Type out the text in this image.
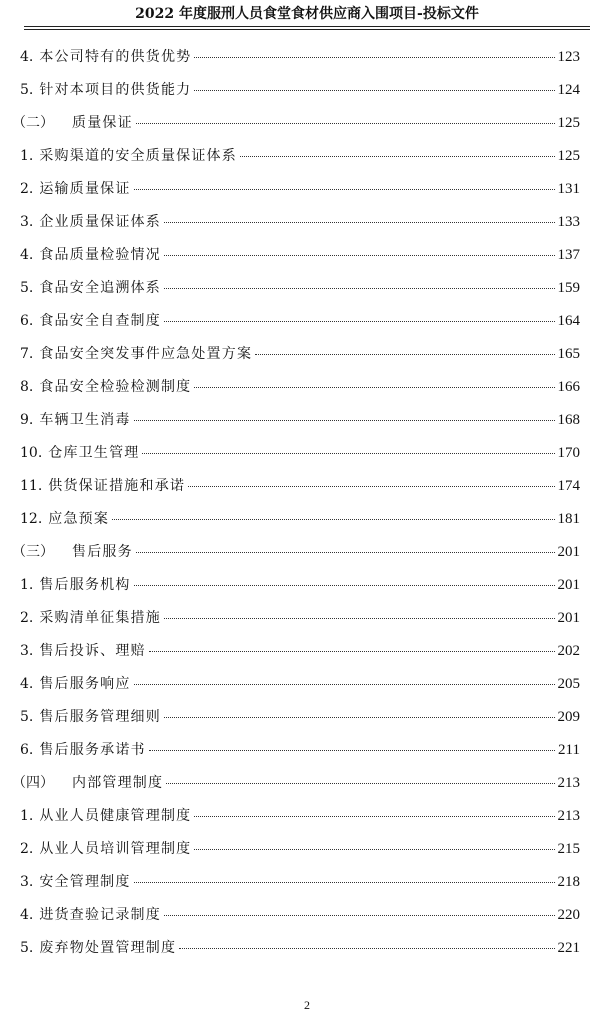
2022 年度服刑人员食堂食材供应商入围项目-投标文件
4. 本公司特有的供货优势	123
5. 针对本项目的供货能力	124
（二） 质量保证	125
1. 采购渠道的安全质量保证体系	125
2. 运输质量保证	131
3. 企业质量保证体系	133
4. 食品质量检验情况	137
5. 食品安全追溯体系	159
6. 食品安全自查制度	164
7. 食品安全突发事件应急处置方案	165
8. 食品安全检验检测制度	166
9. 车辆卫生消毒	168
10. 仓库卫生管理	170
11. 供货保证措施和承诺	174
12. 应急预案	181
（三） 售后服务	201
1. 售后服务机构	201
2. 采购清单征集措施	201
3. 售后投诉、理赔	202
4. 售后服务响应	205
5. 售后服务管理细则	209
6. 售后服务承诺书	211
（四） 内部管理制度	213
1. 从业人员健康管理制度	213
2. 从业人员培训管理制度	215
3. 安全管理制度	218
4. 进货查验记录制度	220
5. 废弃物处置管理制度	221
2
